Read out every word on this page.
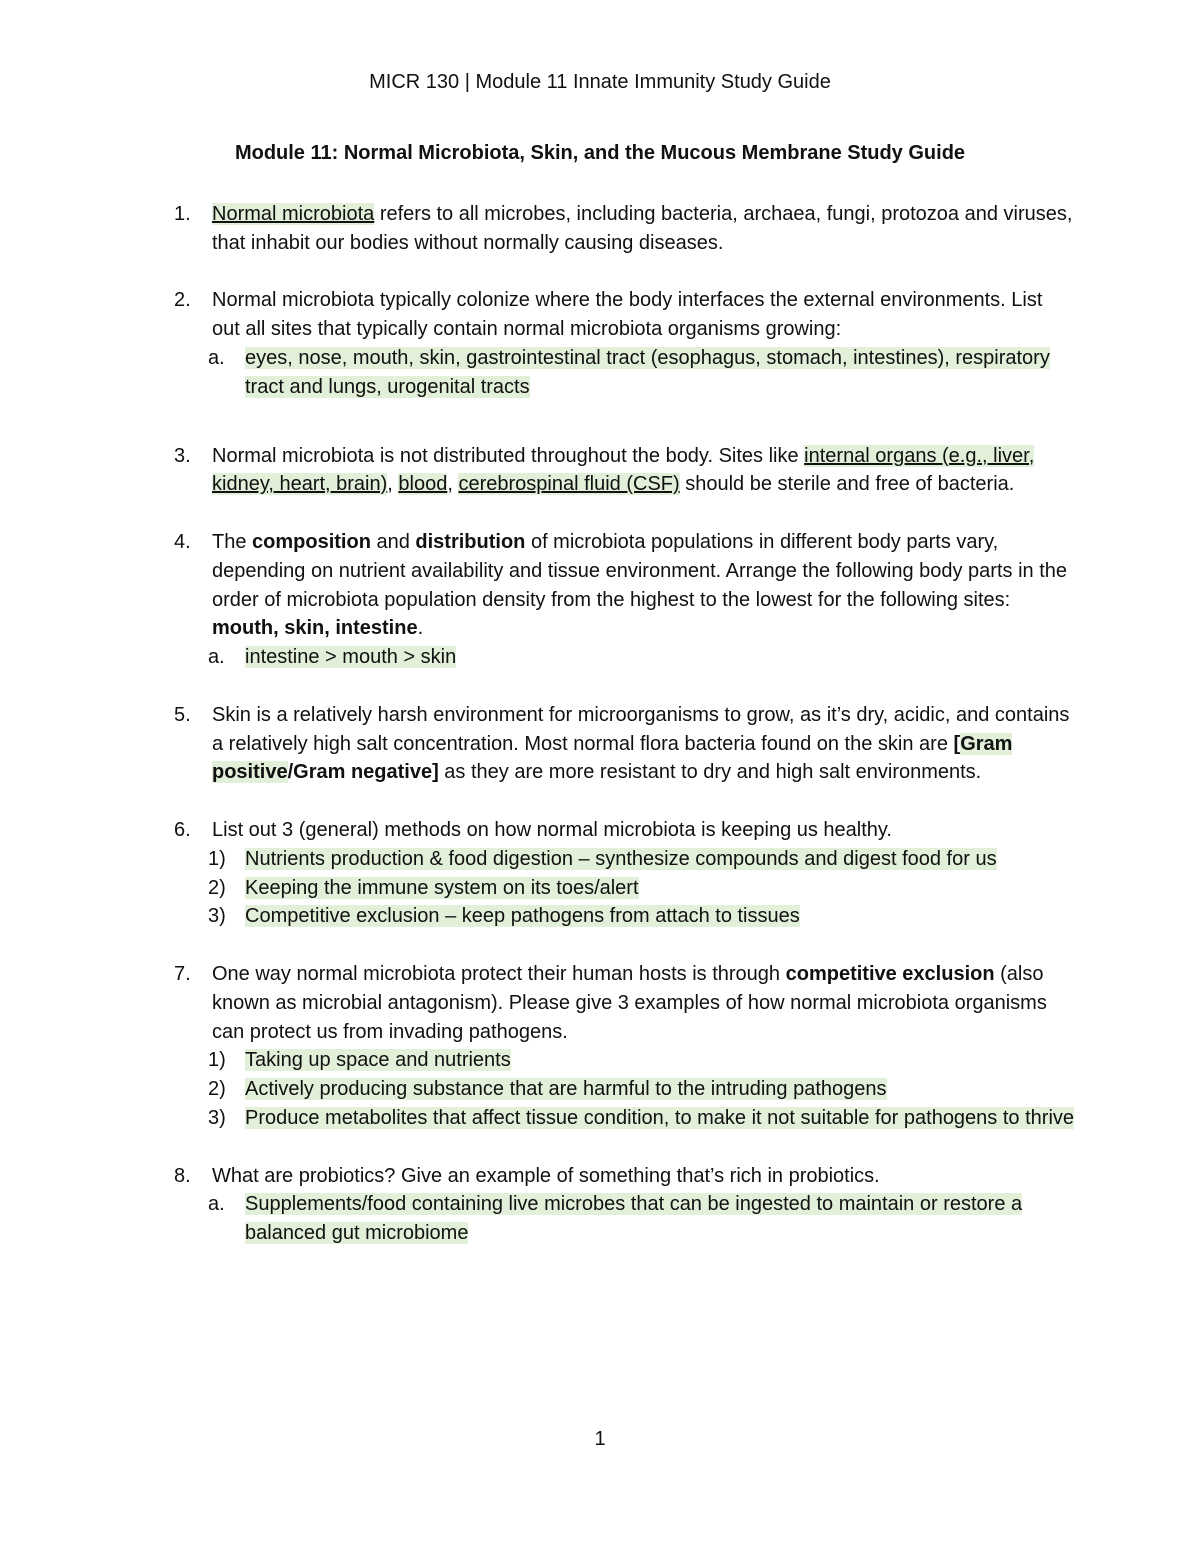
MICR 130 | Module 11 Innate Immunity Study Guide
Module 11: Normal Microbiota, Skin, and the Mucous Membrane Study Guide
1. Normal microbiota refers to all microbes, including bacteria, archaea, fungi, protozoa and viruses, that inhabit our bodies without normally causing diseases.
2. Normal microbiota typically colonize where the body interfaces the external environments. List out all sites that typically contain normal microbiota organisms growing:
a. eyes, nose, mouth, skin, gastrointestinal tract (esophagus, stomach, intestines), respiratory tract and lungs, urogenital tracts
3. Normal microbiota is not distributed throughout the body. Sites like internal organs (e.g., liver, kidney, heart, brain), blood, cerebrospinal fluid (CSF) should be sterile and free of bacteria.
4. The composition and distribution of microbiota populations in different body parts vary, depending on nutrient availability and tissue environment. Arrange the following body parts in the order of microbiota population density from the highest to the lowest for the following sites: mouth, skin, intestine.
a. intestine > mouth > skin
5. Skin is a relatively harsh environment for microorganisms to grow, as it’s dry, acidic, and contains a relatively high salt concentration. Most normal flora bacteria found on the skin are [Gram positive/Gram negative] as they are more resistant to dry and high salt environments.
6. List out 3 (general) methods on how normal microbiota is keeping us healthy.
1) Nutrients production & food digestion – synthesize compounds and digest food for us
2) Keeping the immune system on its toes/alert
3) Competitive exclusion – keep pathogens from attach to tissues
7. One way normal microbiota protect their human hosts is through competitive exclusion (also known as microbial antagonism). Please give 3 examples of how normal microbiota organisms can protect us from invading pathogens.
1) Taking up space and nutrients
2) Actively producing substance that are harmful to the intruding pathogens
3) Produce metabolites that affect tissue condition, to make it not suitable for pathogens to thrive
8. What are probiotics? Give an example of something that’s rich in probiotics.
a. Supplements/food containing live microbes that can be ingested to maintain or restore a balanced gut microbiome
1
